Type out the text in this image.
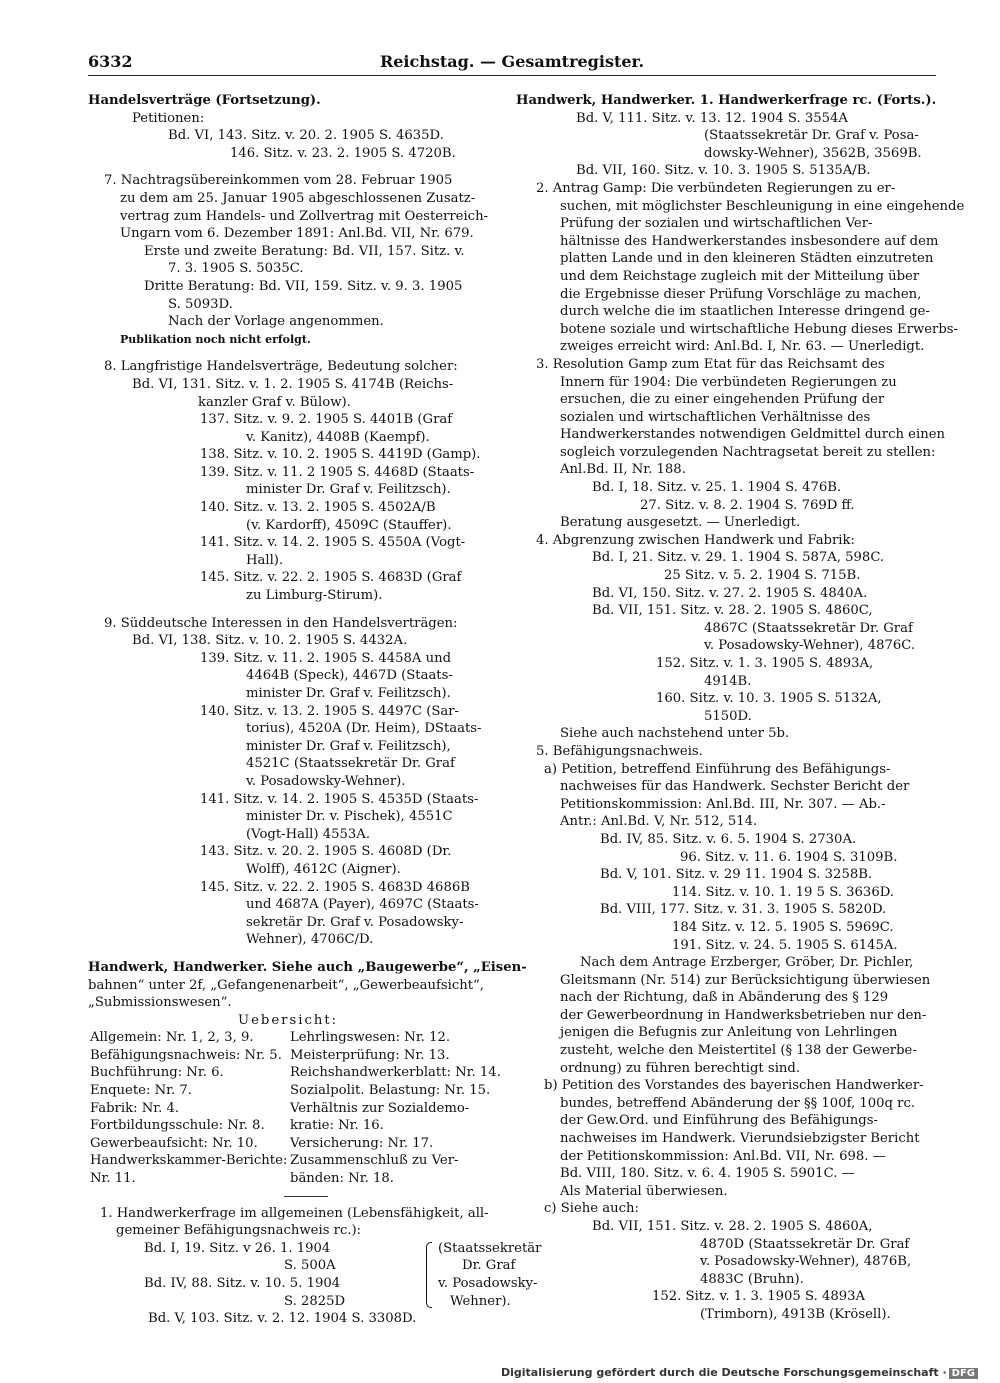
6332	Reichstag. — Gesamtregister.
Handelsverträge (Fortsetzung).
Petitionen:
Bd. VI, 143. Sitz. v. 20. 2. 1905 S. 4635D.
146. Sitz. v. 23. 2. 1905 S. 4720B.
7. Nachtragsübereinkommen vom 28. Februar 1905
zu dem am 25. Januar 1905 abgeschlossenen Zusatz-
vertrag zum Handels- und Zollvertrag mit Oesterreich-
Ungarn vom 6. Dezember 1891: Anl.Bd. VII, Nr. 679.
Erste und zweite Beratung: Bd. VII, 157. Sitz. v.
7. 3. 1905 S. 5035C.
Dritte Beratung: Bd. VII, 159. Sitz. v. 9. 3. 1905
S. 5093D.
Nach der Vorlage angenommen.
Publikation noch nicht erfolgt.
8. Langfristige Handelsverträge, Bedeutung solcher:
Bd. VI, 131. Sitz. v. 1. 2. 1905 S. 4174B (Reichs-
kanzler Graf v. Bülow).
137. Sitz. v. 9. 2. 1905 S. 4401B (Graf
v. Kanitz), 4408B (Kaempf).
138. Sitz. v. 10. 2. 1905 S. 4419D (Gamp).
139. Sitz. v. 11. 2 1905 S. 4468D (Staats-
minister Dr. Graf v. Feilitzsch).
140. Sitz. v. 13. 2. 1905 S. 4502A/B
(v. Kardorff), 4509C (Stauffer).
141. Sitz. v. 14. 2. 1905 S. 4550A (Vogt-
Hall).
145. Sitz. v. 22. 2. 1905 S. 4683D (Graf
zu Limburg-Stirum).
9. Süddeutsche Interessen in den Handelsverträgen:
Bd. VI, 138. Sitz. v. 10. 2. 1905 S. 4432A.
139. Sitz. v. 11. 2. 1905 S. 4458A und
4464B (Speck), 4467D (Staats-
minister Dr. Graf v. Feilitzsch).
140. Sitz. v. 13. 2. 1905 S. 4497C (Sar-
torius), 4520A (Dr. Heim), DStaats-
minister Dr. Graf v. Feilitzsch),
4521C (Staatssekretär Dr. Graf
v. Posadowsky-Wehner).
141. Sitz. v. 14. 2. 1905 S. 4535D (Staats-
minister Dr. v. Pischek), 4551C
(Vogt-Hall) 4553A.
143. Sitz. v. 20. 2. 1905 S. 4608D (Dr.
Wolff), 4612C (Aigner).
145. Sitz. v. 22. 2. 1905 S. 4683D 4686B
und 4687A (Payer), 4697C (Staats-
sekretär Dr. Graf v. Posadowsky-
Wehner), 4706C/D.
Handwerk, Handwerker. Siehe auch „Baugewerbe“, „Eisen-
bahnen“ unter 2f, „Gefangenenarbeit“, „Gewerbeaufsicht“,
„Submissionswesen“.
Uebersicht:
Allgemein: Nr. 1, 2, 3, 9.	Lehrlingswesen: Nr. 12.
Befähigungsnachweis: Nr. 5. Meisterprüfung: Nr. 13.
Buchführung: Nr. 6.	Reichshandwerkerblatt: Nr. 14.
Enquete: Nr. 7.	Sozialpolit. Belastung: Nr. 15.
Fabrik: Nr. 4.	Verhältnis zur Sozialdemo-
Fortbildungsschule: Nr. 8.	kratie: Nr. 16.
Gewerbeaufsicht: Nr. 10.	Versicherung: Nr. 17.
Handwerkskammer-Berichte: Zusammenschluß zu Ver-
Nr. 11.	bänden: Nr. 18.
1. Handwerkerfrage im allgemeinen (Lebensfähigkeit, all-
gemeiner Befähigungsnachweis rc.):
Bd. I, 19. Sitz. v 26. 1. 1904
S. 500A
Bd. IV, 88. Sitz. v. 10. 5. 1904
S. 2825D
(Staatssekretär
Dr. Graf
v. Posadowsky-
Wehner).
Bd. V, 103. Sitz. v. 2. 12. 1904 S. 3308D.
Handwerk, Handwerker. 1. Handwerkerfrage rc. (Forts.).
Bd. V, 111. Sitz. v. 13. 12. 1904 S. 3554A
(Staatssekretär Dr. Graf v. Posa-
dowsky-Wehner), 3562B, 3569B.
Bd. VII, 160. Sitz. v. 10. 3. 1905 S. 5135A/B.
2. Antrag Gamp: Die verbündeten Regierungen zu er-
suchen, mit möglichster Beschleunigung in eine eingehende
Prüfung der sozialen und wirtschaftlichen Ver-
hältnisse des Handwerkerstandes insbesondere auf dem
platten Lande und in den kleineren Städten einzutreten
und dem Reichstage zugleich mit der Mitteilung über
die Ergebnisse dieser Prüfung Vorschläge zu machen,
durch welche die im staatlichen Interesse dringend ge-
botene soziale und wirtschaftliche Hebung dieses Erwerbs-
zweiges erreicht wird: Anl.Bd. I, Nr. 63. — Unerledigt.
3. Resolution Gamp zum Etat für das Reichsamt des
Innern für 1904: Die verbündeten Regierungen zu
ersuchen, die zu einer eingehenden Prüfung der
sozialen und wirtschaftlichen Verhältnisse des
Handwerkerstandes notwendigen Geldmittel durch einen
sogleich vorzulegenden Nachtragsetat bereit zu stellen:
Anl.Bd. II, Nr. 188.
Bd. I, 18. Sitz. v. 25. 1. 1904 S. 476B.
27. Sitz. v. 8. 2. 1904 S. 769D ff.
Beratung ausgesetzt. — Unerledigt.
4. Abgrenzung zwischen Handwerk und Fabrik:
Bd. I, 21. Sitz. v. 29. 1. 1904 S. 587A, 598C.
25 Sitz. v. 5. 2. 1904 S. 715B.
Bd. VI, 150. Sitz. v. 27. 2. 1905 S. 4840A.
Bd. VII, 151. Sitz. v. 28. 2. 1905 S. 4860C,
4867C (Staatssekretär Dr. Graf
v. Posadowsky-Wehner), 4876C.
152. Sitz. v. 1. 3. 1905 S. 4893A,
4914B.
160. Sitz. v. 10. 3. 1905 S. 5132A,
5150D.
Siehe auch nachstehend unter 5b.
5. Befähigungsnachweis.
a) Petition, betreffend Einführung des Befähigungs-
nachweises für das Handwerk. Sechster Bericht der
Petitionskommission: Anl.Bd. III, Nr. 307. — Ab.-
Antr.: Anl.Bd. V, Nr. 512, 514.
Bd. IV, 85. Sitz. v. 6. 5. 1904 S. 2730A.
96. Sitz. v. 11. 6. 1904 S. 3109B.
Bd. V, 101. Sitz. v. 29 11. 1904 S. 3258B.
114. Sitz. v. 10. 1. 19 5 S. 3636D.
Bd. VIII, 177. Sitz. v. 31. 3. 1905 S. 5820D.
184 Sitz. v. 12. 5. 1905 S. 5969C.
191. Sitz. v. 24. 5. 1905 S. 6145A.
Nach dem Antrage Erzberger, Gröber, Dr. Pichler,
Gleitsmann (Nr. 514) zur Berücksichtigung überwiesen
nach der Richtung, daß in Abänderung des § 129
der Gewerbeordnung in Handwerksbetrieben nur den-
jenigen die Befugnis zur Anleitung von Lehrlingen
zusteht, welche den Meistertitel (§ 138 der Gewerbe-
ordnung) zu führen berechtigt sind.
b) Petition des Vorstandes des bayerischen Handwerker-
bundes, betreffend Abänderung der §§ 100f, 100q rc.
der Gew.Ord. und Einführung des Befähigungs-
nachweises im Handwerk. Vierundsiebzigster Bericht
der Petitionskommission: Anl.Bd. VII, Nr. 698. —
Bd. VIII, 180. Sitz. v. 6. 4. 1905 S. 5901C. —
Als Material überwiesen.
c) Siehe auch:
Bd. VII, 151. Sitz. v. 28. 2. 1905 S. 4860A,
4870D (Staatssekretär Dr. Graf
v. Posadowsky-Wehner), 4876B,
4883C (Bruhn).
152. Sitz. v. 1. 3. 1905 S. 4893A
(Trimborn), 4913B (Krösell).
Digitalisierung gefördert durch die Deutsche Forschungsgemeinschaft · DFG
